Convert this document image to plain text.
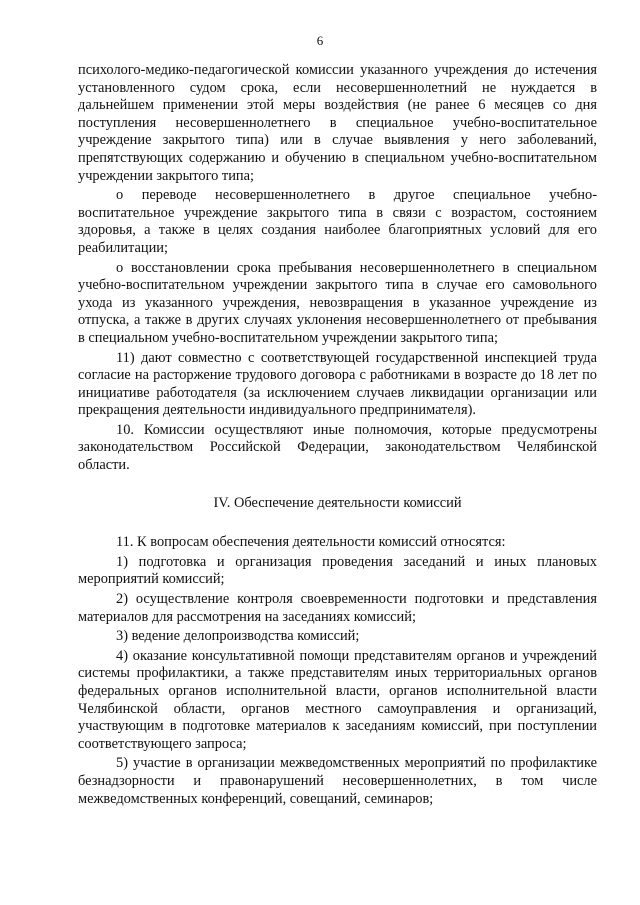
6

психолого-медико-педагогической комиссии указанного учреждения до истечения установленного судом срока, если несовершеннолетний не нуждается в дальнейшем применении этой меры воздействия (не ранее 6 месяцев со дня поступления несовершеннолетнего в специальное учебно-воспитательное учреждение закрытого типа) или в случае выявления у него заболеваний, препятствующих содержанию и обучению в специальном учебно-воспитательном учреждении закрытого типа;

о переводе несовершеннолетнего в другое специальное учебно-воспитательное учреждение закрытого типа в связи с возрастом, состоянием здоровья, а также в целях создания наиболее благоприятных условий для его реабилитации;

о восстановлении срока пребывания несовершеннолетнего в специальном учебно-воспитательном учреждении закрытого типа в случае его самовольного ухода из указанного учреждения, невозвращения в указанное учреждение из отпуска, а также в других случаях уклонения несовершеннолетнего от пребывания в специальном учебно-воспитательном учреждении закрытого типа;

11) дают совместно с соответствующей государственной инспекцией труда согласие на расторжение трудового договора с работниками в возрасте до 18 лет по инициативе работодателя (за исключением случаев ликвидации организации или прекращения деятельности индивидуального предпринимателя).

10. Комиссии осуществляют иные полномочия, которые предусмотрены законодательством Российской Федерации, законодательством Челябинской области.

IV. Обеспечение деятельности комиссий

11. К вопросам обеспечения деятельности комиссий относятся:

1) подготовка и организация проведения заседаний и иных плановых мероприятий комиссий;

2) осуществление контроля своевременности подготовки и представления материалов для рассмотрения на заседаниях комиссий;

3) ведение делопроизводства комиссий;

4) оказание консультативной помощи представителям органов и учреждений системы профилактики, а также представителям иных территориальных органов федеральных органов исполнительной власти, органов исполнительной власти Челябинской области, органов местного самоуправления и организаций, участвующим в подготовке материалов к заседаниям комиссий, при поступлении соответствующего запроса;

5) участие в организации межведомственных мероприятий по профилактике безнадзорности и правонарушений несовершеннолетних, в том числе межведомственных конференций, совещаний, семинаров;
